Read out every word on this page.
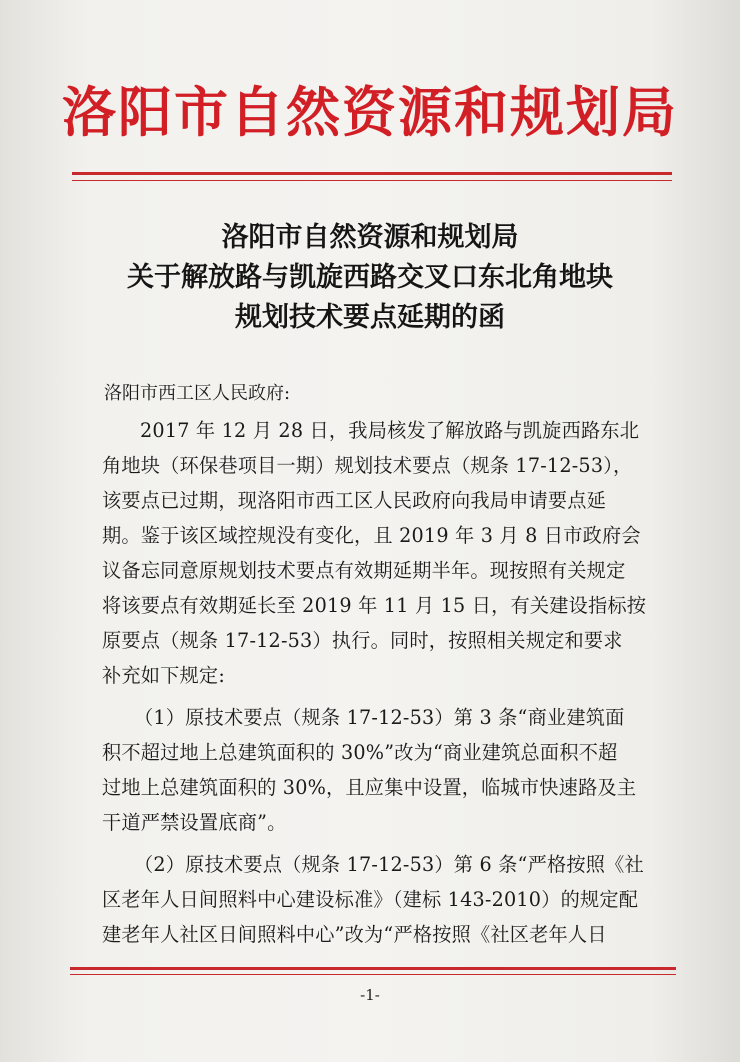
洛阳市自然资源和规划局
洛阳市自然资源和规划局
关于解放路与凯旋西路交叉口东北角地块
规划技术要点延期的函
洛阳市西工区人民政府:
2017 年 12 月 28 日，我局核发了解放路与凯旋西路东北
角地块（环保巷项目一期）规划技术要点（规条 17-12-53），
该要点已过期，现洛阳市西工区人民政府向我局申请要点延
期。鉴于该区域控规没有变化，且 2019 年 3 月 8 日市政府会
议备忘同意原规划技术要点有效期延期半年。现按照有关规定
将该要点有效期延长至 2019 年 11 月 15 日，有关建设指标按
原要点（规条 17-12-53）执行。同时，按照相关规定和要求
补充如下规定:
（1）原技术要点（规条 17-12-53）第 3 条“商业建筑面
积不超过地上总建筑面积的 30%”改为“商业建筑总面积不超
过地上总建筑面积的 30%，且应集中设置，临城市快速路及主
干道严禁设置底商”。
（2）原技术要点（规条 17-12-53）第 6 条“严格按照《社
区老年人日间照料中心建设标准》（建标 143-2010）的规定配
建老年人社区日间照料中心”改为“严格按照《社区老年人日
-1-
